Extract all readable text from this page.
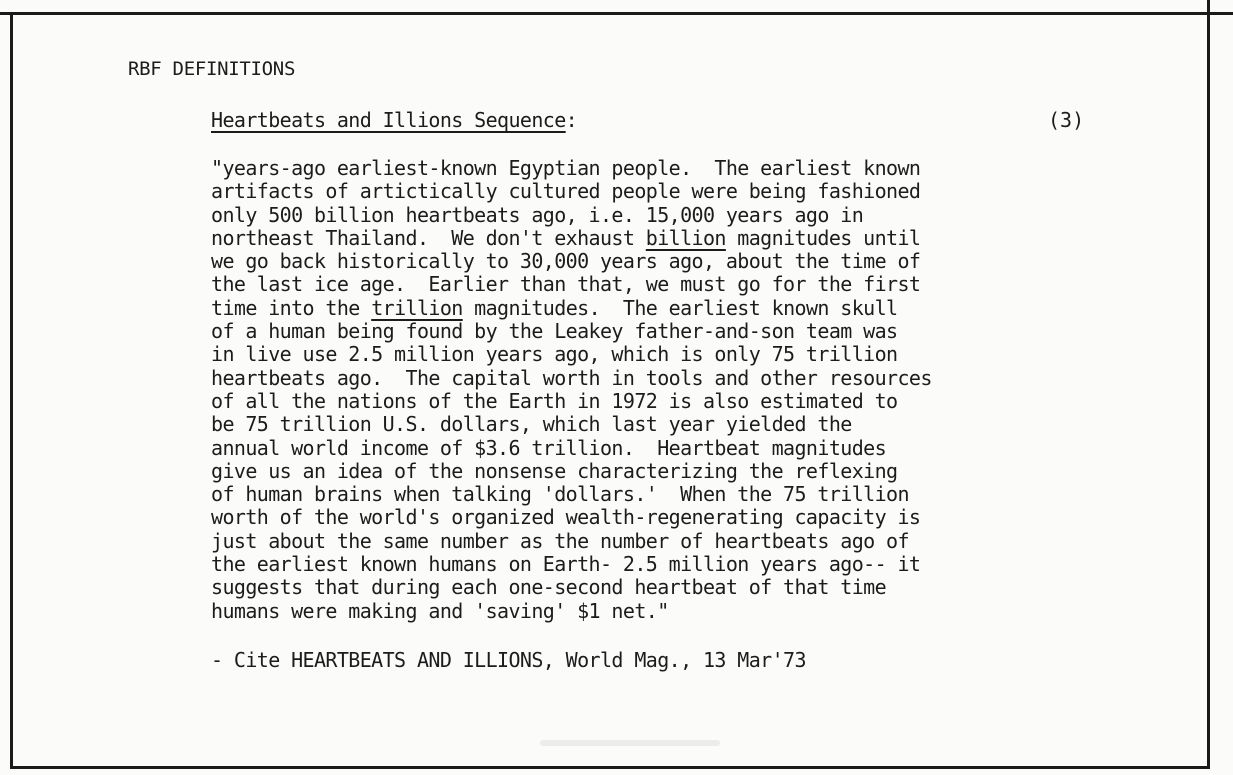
RBF DEFINITIONS
Heartbeats and Illions Sequence:	(3)
"years-ago earliest-known Egyptian people.  The earliest known
artifacts of artictically cultured people were being fashioned
only 500 billion heartbeats ago, i.e. 15,000 years ago in
northeast Thailand.  We don't exhaust billion magnitudes until
we go back historically to 30,000 years ago, about the time of
the last ice age.  Earlier than that, we must go for the first
time into the trillion magnitudes.  The earliest known skull
of a human being found by the Leakey father-and-son team was
in live use 2.5 million years ago, which is only 75 trillion
heartbeats ago.  The capital worth in tools and other resources
of all the nations of the Earth in 1972 is also estimated to
be 75 trillion U.S. dollars, which last year yielded the
annual world income of $3.6 trillion.  Heartbeat magnitudes
give us an idea of the nonsense characterizing the reflexing
of human brains when talking 'dollars.'  When the 75 trillion
worth of the world's organized wealth-regenerating capacity is
just about the same number as the number of heartbeats ago of
the earliest known humans on Earth- 2.5 million years ago-- it
suggests that during each one-second heartbeat of that time
humans were making and 'saving' $1 net."
- Cite HEARTBEATS AND ILLIONS, World Mag., 13 Mar'73
